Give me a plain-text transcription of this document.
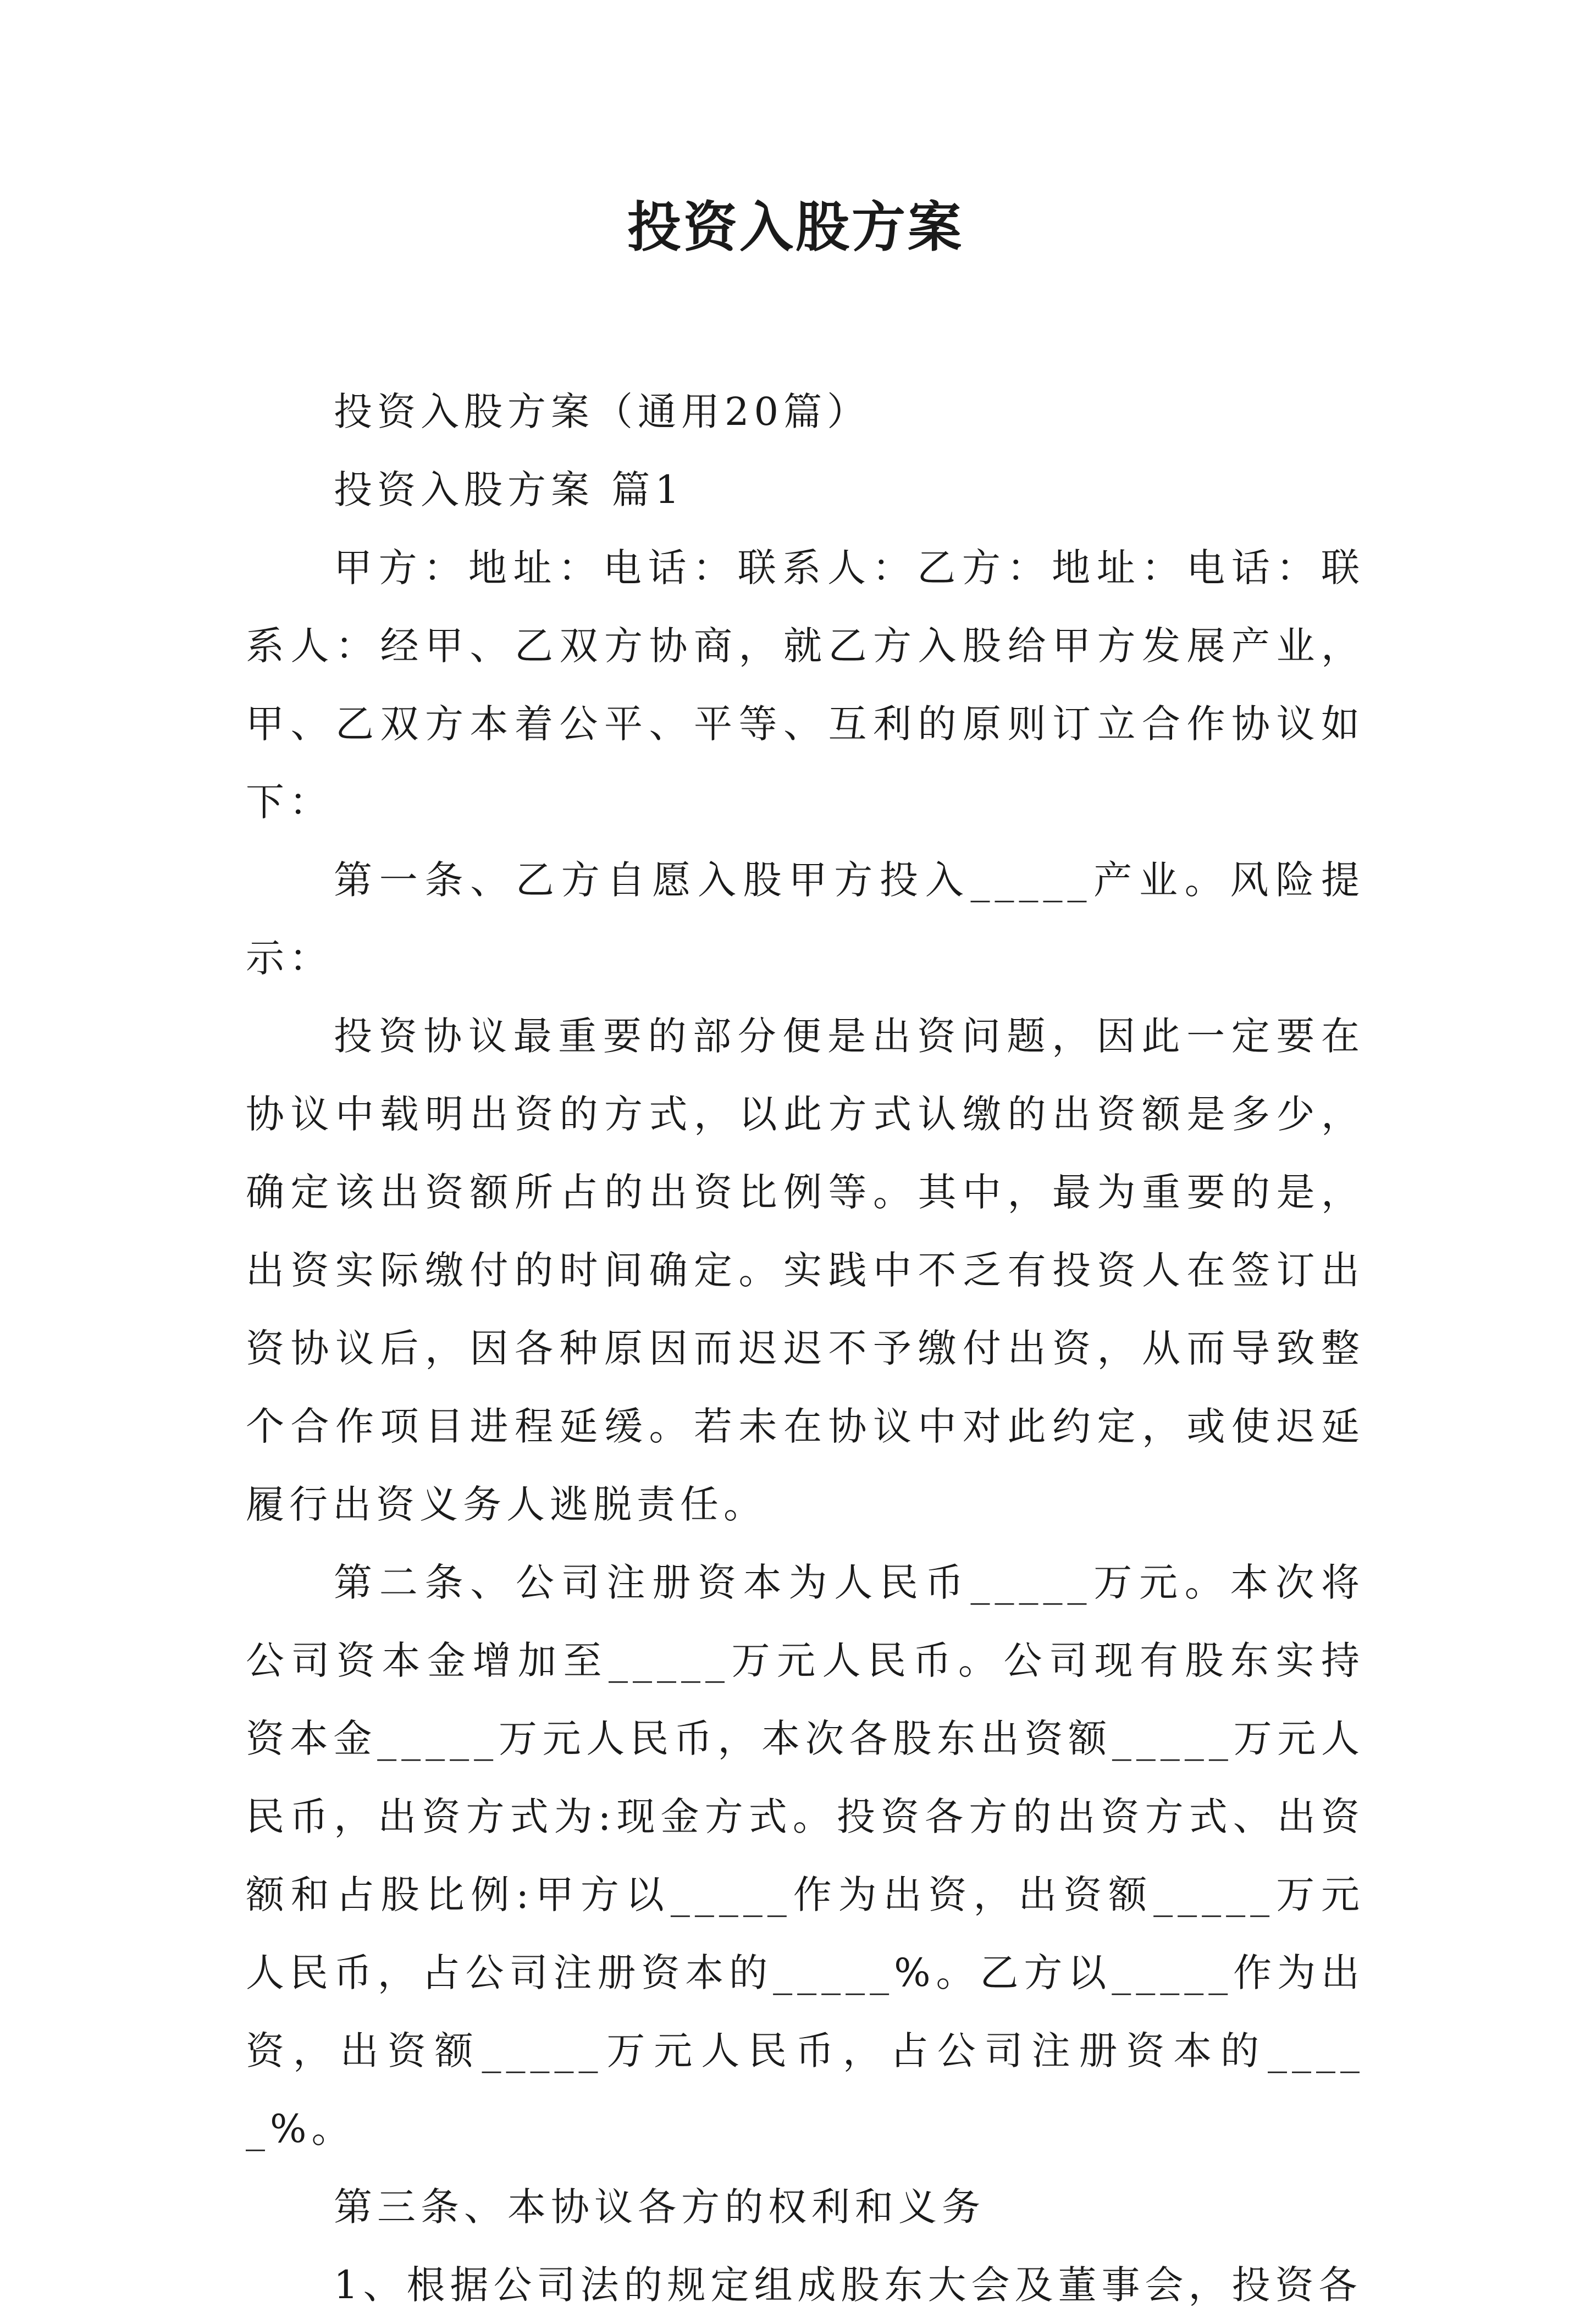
投资入股方案

投资入股方案（通用20篇）

投资入股方案 篇1

甲方：地址：电话：联系人：乙方：地址：电话：联系人：经甲、乙双方协商，就乙方入股给甲方发展产业，甲、乙双方本着公平、平等、互利的原则订立合作协议如下：

第一条、乙方自愿入股甲方投入_____产业。风险提示：

投资协议最重要的部分便是出资问题，因此一定要在协议中载明出资的方式，以此方式认缴的出资额是多少，确定该出资额所占的出资比例等。其中，最为重要的是，出资实际缴付的时间确定。实践中不乏有投资人在签订出资协议后，因各种原因而迟迟不予缴付出资，从而导致整个合作项目进程延缓。若未在协议中对此约定，或使迟延履行出资义务人逃脱责任。

第二条、公司注册资本为人民币_____万元。本次将公司资本金增加至_____万元人民币。公司现有股东实持资本金_____万元人民币，本次各股东出资额_____万元人民币，出资方式为:现金方式。投资各方的出资方式、出资额和占股比例:甲方以_____作为出资，出资额_____万元人民币，占公司注册资本的_____%。乙方以_____作为出资，出资额_____万元人民币，占公司注册资本的_____%。

第三条、本协议各方的权利和义务

1、根据公司法的规定组成股东大会及董事会，投资各
